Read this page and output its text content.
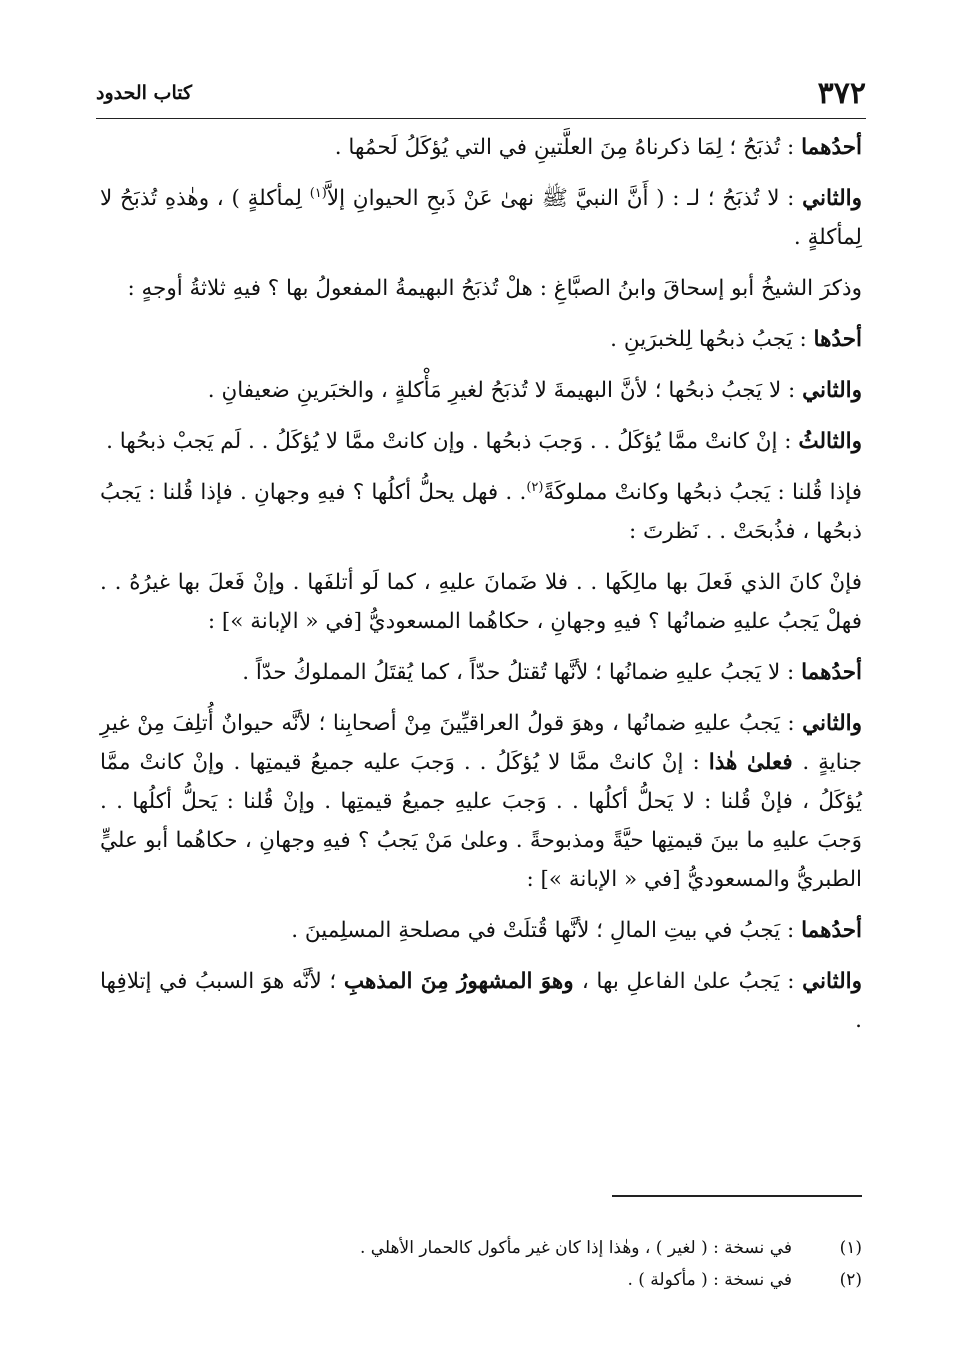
٣٧٢
كتاب الحدود

أحدُهما : تُذبَحُ ؛ لِمَا ذكرناهُ مِنَ العلَّتينِ في التي يُؤكَلُ لَحمُها .

والثاني : لا تُذبَحُ ؛ لـ : ( أَنَّ النبيَّ ﷺ نهىٰ عَنْ ذَبحِ الحيوانِ إلاَّ$^{(١)}$ لِمأكلةٍ ) ، وهٰذهِ تُذبَحُ لا لِمأكلةٍ .

وذكرَ الشيخُ أبو إسحاقَ وابنُ الصبَّاغِ : هلْ تُذبَحُ البهيمةُ المفعولُ بها ؟ فيهِ ثلاثةُ أوجهٍ :

أحدُها : يَجبُ ذبحُها لِلخبرَينِ .

والثاني : لا يَجبُ ذبحُها ؛ لأنَّ البهيمةَ لا تُذبَحُ لغيرِ مَأْكلةٍ ، والخبَرينِ ضعيفانِ .

والثالثُ : إنْ كانتْ ممَّا يُؤكَلُ . . وَجبَ ذبحُها . وإن كانتْ ممَّا لا يُؤكَلُ . . لَم يَجبْ ذبحُها .

فإذا قُلنا : يَجبُ ذبحُها وكانتْ مملوكَةً$^{(٢)}$. . فهل يحلُّ أكلُها ؟ فيهِ وجهانِ . فإذا قُلنا : يَجبُ ذبحُها ، فذُبحَتْ . . نَظرتَ :

فإنْ كانَ الذي فَعلَ بها مالِكَها . . فلا ضَمانَ عليهِ ، كما لَو أتلفَها . وإنْ فَعلَ بها غيرُهُ . . فهلْ يَجبُ عليهِ ضمانُها ؟ فيهِ وجهانِ ، حكاهُما المسعوديُّ [في « الإبانة »] :

أحدُهما : لا يَجبُ عليهِ ضمانُها ؛ لأنَّها تُقتلُ حدّاً ، كما يُقتَلُ المملوكُ حدّاً .

والثاني : يَجبُ عليهِ ضمانُها ، وهوَ قولُ العراقيِّينَ مِنْ أصحابِنا ؛ لأنَّه حيوانٌ أُتلِفَ مِنْ غيرِ جنايةٍ . فعلىٰ هٰذا : إنْ كانتْ ممَّا لا يُؤكَلُ . . وَجبَ عليه جميعُ قيمتِها . وإنْ كانتْ ممَّا يُؤكَلُ ، فإنْ قُلنا : لا يَحلُّ أكلُها . . وَجبَ عليهِ جميعُ قيمتِها . وإنْ قُلنا : يَحلُّ أكلُها . . وَجبَ عليهِ ما بينَ قيمتِها حيَّةً ومذبوحةً . وعلىٰ مَنْ يَجبُ ؟ فيهِ وجهانِ ، حكاهُما أبو عليٍّ الطبريُّ والمسعوديُّ [في « الإبانة »] :

أحدُهما : يَجبُ في بيتِ المالِ ؛ لأنَّها قُتلَتْ في مصلحةِ المسلِمينَ .

والثاني : يَجبُ علىٰ الفاعلِ بها ، وهوَ المشهورُ مِنَ المذهبِ ؛ لأنَّه هوَ السببُ في إتلافِها .

(١)
في نسخة : ( لغير ) ، وهٰذا إذا كان غير مأكول كالحمار الأهلي .
(٢)
في نسخة : ( مأكولة ) .
